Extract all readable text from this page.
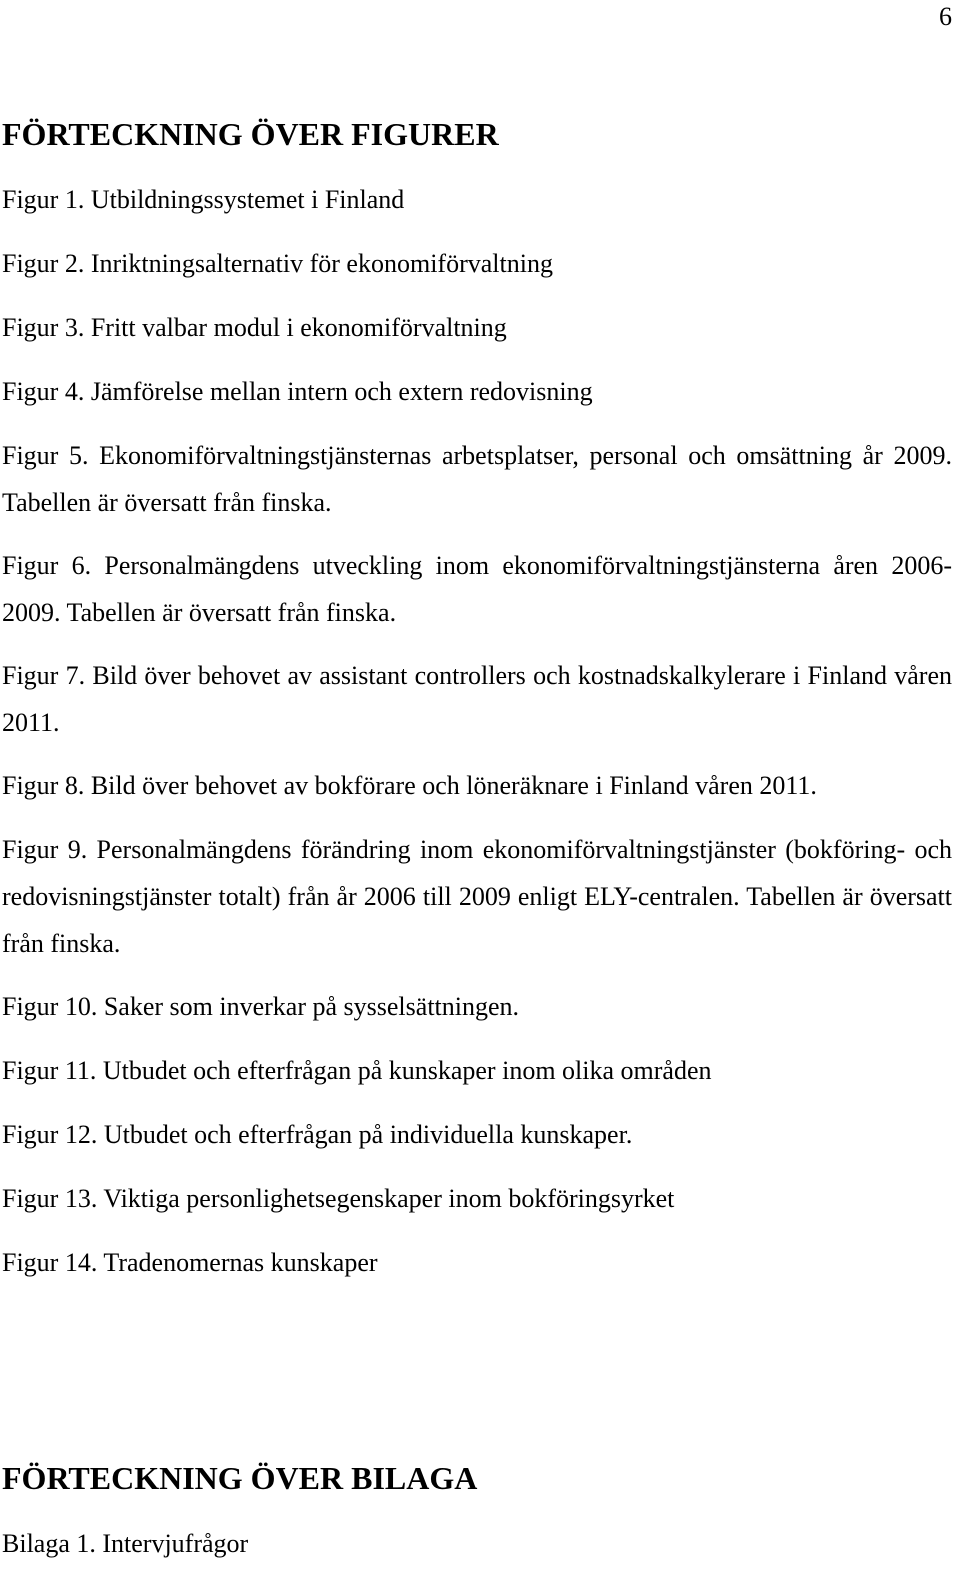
6
FÖRTECKNING ÖVER FIGURER
Figur 1. Utbildningssystemet i Finland
Figur 2. Inriktningsalternativ för ekonomiförvaltning
Figur 3. Fritt valbar modul i ekonomiförvaltning
Figur 4. Jämförelse mellan intern och extern redovisning
Figur 5. Ekonomiförvaltningstjänsternas arbetsplatser, personal och omsättning år 2009. Tabellen är översatt från finska.
Figur 6. Personalmängdens utveckling inom ekonomiförvaltningstjänsterna åren 2006-2009. Tabellen är översatt från finska.
Figur 7. Bild över behovet av assistant controllers och kostnadskalkylerare i Finland våren 2011.
Figur 8. Bild över behovet av bokförare och löneräknare i Finland våren 2011.
Figur 9. Personalmängdens förändring inom ekonomiförvaltningstjänster (bokföring- och redovisningstjänster totalt) från år 2006 till 2009 enligt ELY-centralen. Tabellen är översatt från finska.
Figur 10. Saker som inverkar på sysselsättningen.
Figur 11. Utbudet och efterfrågan på kunskaper inom olika områden
Figur 12. Utbudet och efterfrågan på individuella kunskaper.
Figur 13. Viktiga personlighetsegenskaper inom bokföringsyrket
Figur 14. Tradenomernas kunskaper
FÖRTECKNING ÖVER BILAGA
Bilaga 1. Intervjufrågor
